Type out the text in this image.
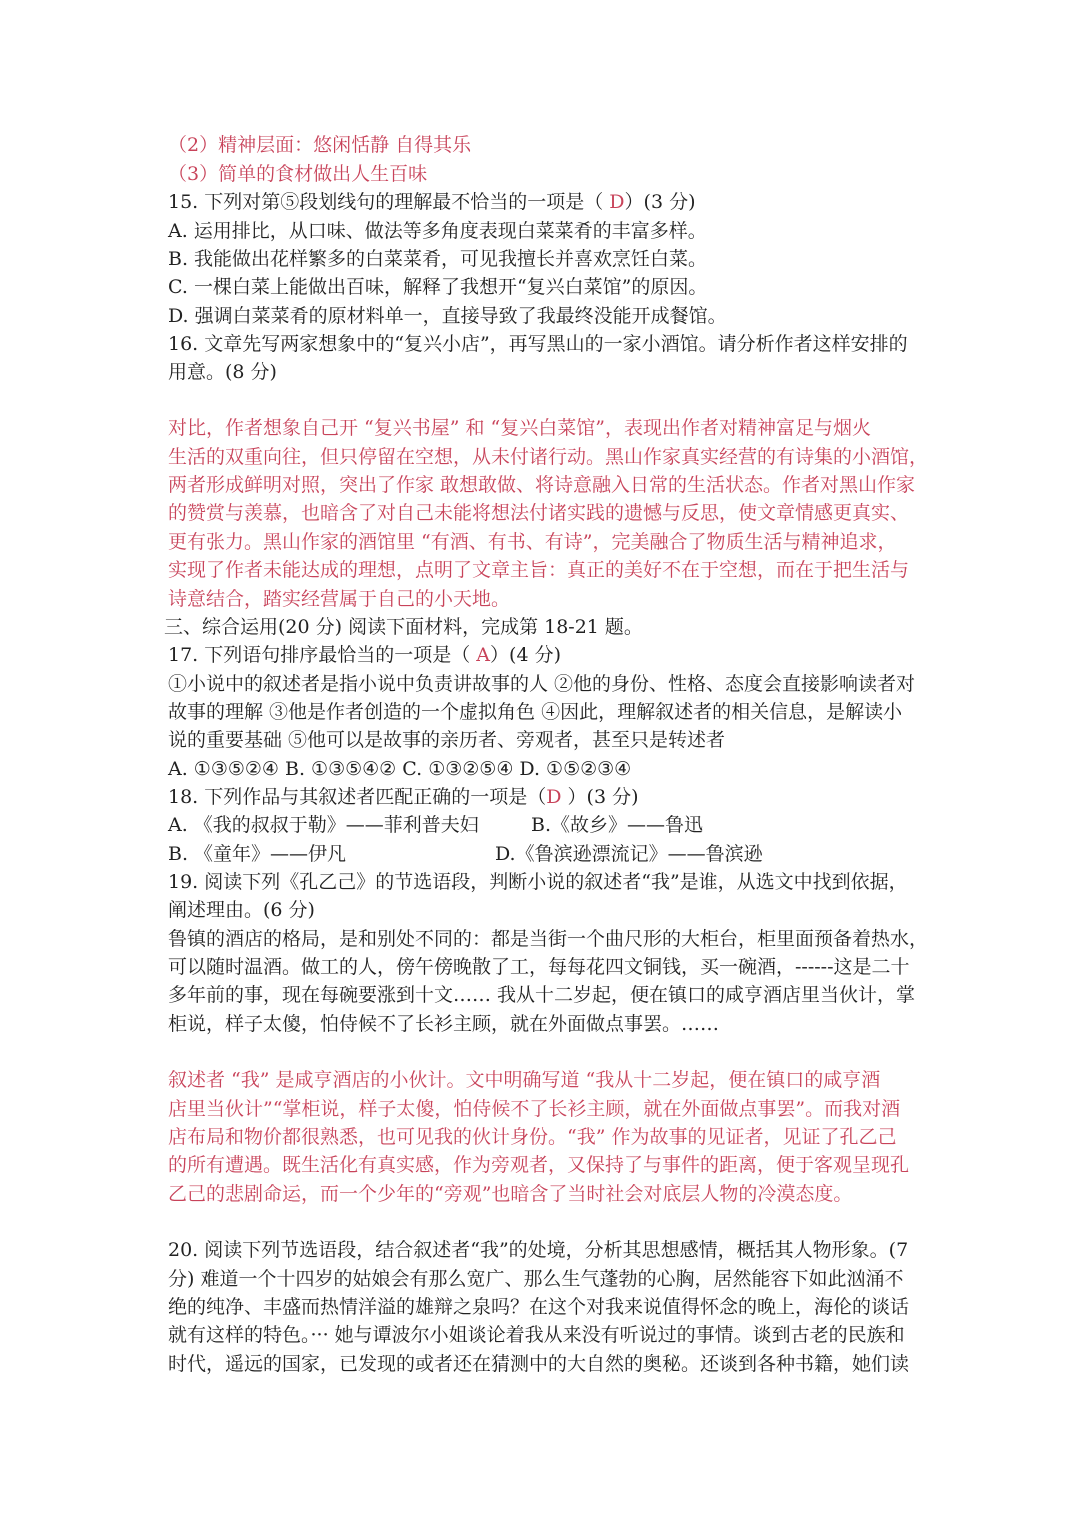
（2）精神层面：悠闲恬静 自得其乐
（3）简单的食材做出人生百味
15. 下列对第⑤段划线句的理解最不恰当的一项是（ D）(3 分)
A. 运用排比，从口味、做法等多角度表现白菜菜肴的丰富多样。
B. 我能做出花样繁多的白菜菜肴，可见我擅长并喜欢烹饪白菜。
C. 一棵白菜上能做出百味，解释了我想开“复兴白菜馆”的原因。
D. 强调白菜菜肴的原材料单一，直接导致了我最终没能开成餐馆。
16. 文章先写两家想象中的“复兴小店”，再写黑山的一家小酒馆。请分析作者这样安排的
用意。(8 分)
对比，作者想象自己开 “复兴书屋” 和 “复兴白菜馆”，表现出作者对精神富足与烟火
生活的双重向往，但只停留在空想，从未付诸行动。黑山作家真实经营的有诗集的小酒馆，
两者形成鲜明对照，突出了作家 敢想敢做、将诗意融入日常的生活状态。作者对黑山作家
的赞赏与羡慕，也暗含了对自己未能将想法付诸实践的遗憾与反思，使文章情感更真实、
更有张力。黑山作家的酒馆里 “有酒、有书、有诗”，完美融合了物质生活与精神追求，
实现了作者未能达成的理想，点明了文章主旨：真正的美好不在于空想，而在于把生活与
诗意结合，踏实经营属于自己的小天地。
三、综合运用(20 分) 阅读下面材料，完成第 18-21 题。
17. 下列语句排序最恰当的一项是（ A）(4 分)
①小说中的叙述者是指小说中负责讲故事的人 ②他的身份、性格、态度会直接影响读者对
故事的理解 ③他是作者创造的一个虚拟角色 ④因此，理解叙述者的相关信息，是解读小
说的重要基础 ⑤他可以是故事的亲历者、旁观者，甚至只是转述者
A. ①③⑤②④ B. ①③⑤④② C. ①③②⑤④ D. ①⑤②③④
18. 下列作品与其叙述者匹配正确的一项是（D ）(3 分)
A. 《我的叔叔于勒》——菲利普夫妇	B.《故乡》——鲁迅
B. 《童年》——伊凡	D.《鲁滨逊漂流记》——鲁滨逊
19. 阅读下列《孔乙己》的节选语段，判断小说的叙述者“我”是谁，从选文中找到依据，
阐述理由。(6 分)
鲁镇的酒店的格局，是和别处不同的：都是当街一个曲尺形的大柜台，柜里面预备着热水，
可以随时温酒。做工的人，傍午傍晚散了工，每每花四文铜钱，买一碗酒，------这是二十
多年前的事，现在每碗要涨到十文…… 我从十二岁起，便在镇口的咸亨酒店里当伙计，掌
柜说，样子太傻，怕侍候不了长衫主顾，就在外面做点事罢。……
叙述者 “我” 是咸亨酒店的小伙计。文中明确写道 “我从十二岁起，便在镇口的咸亨酒
店里当伙计”“掌柜说，样子太傻，怕侍候不了长衫主顾，就在外面做点事罢”。而我对酒
店布局和物价都很熟悉，也可见我的伙计身份。“我” 作为故事的见证者，见证了孔乙己
的所有遭遇。既生活化有真实感，作为旁观者，又保持了与事件的距离，便于客观呈现孔
乙己的悲剧命运，而一个少年的“旁观”也暗含了当时社会对底层人物的冷漠态度。
20. 阅读下列节选语段，结合叙述者“我”的处境，分析其思想感情，概括其人物形象。(7
分) 难道一个十四岁的姑娘会有那么宽广、那么生气蓬勃的心胸，居然能容下如此汹涌不
绝的纯净、丰盛而热情洋溢的雄辩之泉吗？在这个对我来说值得怀念的晚上，海伦的谈话
就有这样的特色。··· 她与谭波尔小姐谈论着我从来没有听说过的事情。谈到古老的民族和
时代，遥远的国家，已发现的或者还在猜测中的大自然的奥秘。还谈到各种书籍，她们读
